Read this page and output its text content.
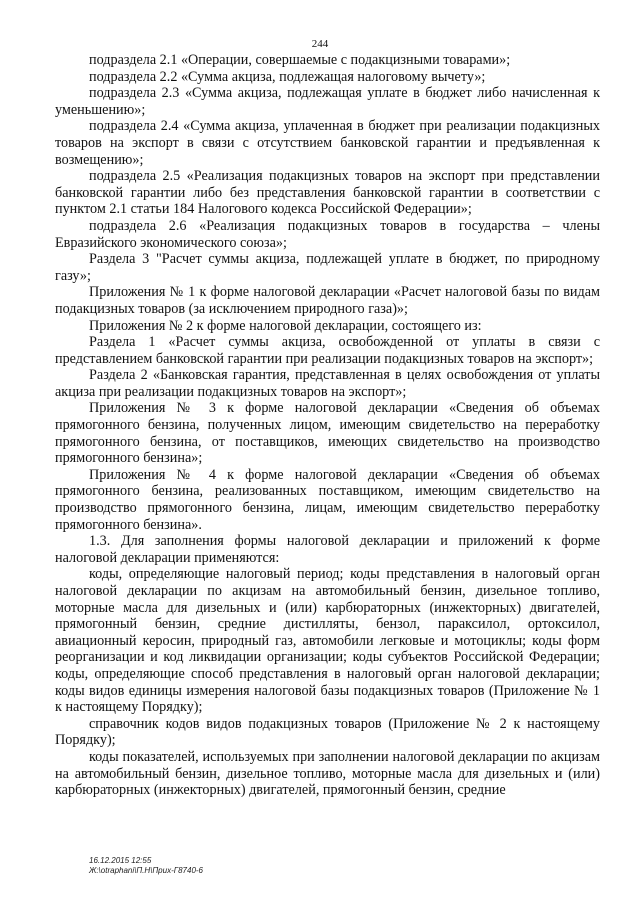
244

подраздела 2.1 «Операции, совершаемые с подакцизными товарами»;

подраздела 2.2 «Сумма акциза, подлежащая налоговому вычету»;

подраздела 2.3 «Сумма акциза, подлежащая уплате в бюджет либо начисленная к уменьшению»;

подраздела 2.4 «Сумма акциза, уплаченная в бюджет при реализации подакцизных товаров на экспорт в связи с отсутствием банковской гарантии и предъявленная к возмещению»;

подраздела 2.5 «Реализация подакцизных товаров на экспорт при представлении банковской гарантии либо без представления банковской гарантии в соответствии с пунктом 2.1 статьи 184 Налогового кодекса Российской Федерации»;

подраздела 2.6 «Реализация подакцизных товаров в государства – члены Евразийского экономического союза»;

Раздела 3 "Расчет суммы акциза, подлежащей уплате в бюджет, по природному газу»;

Приложения № 1 к форме налоговой декларации «Расчет налоговой базы по видам подакцизных товаров (за исключением природного газа)»;

Приложения № 2 к форме налоговой декларации, состоящего из:

Раздела 1 «Расчет суммы акциза, освобожденной от уплаты в связи с представлением банковской гарантии при реализации подакцизных товаров на экспорт»;

Раздела 2 «Банковская гарантия, представленная в целях освобождения от уплаты акциза при реализации подакцизных товаров на экспорт»;

Приложения № 3 к форме налоговой декларации «Сведения об объемах прямогонного бензина, полученных лицом, имеющим свидетельство на переработку прямогонного бензина, от поставщиков, имеющих свидетельство на производство прямогонного бензина»;

Приложения № 4 к форме налоговой декларации «Сведения об объемах прямогонного бензина, реализованных поставщиком, имеющим свидетельство на производство прямогонного бензина, лицам, имеющим свидетельство переработку прямогонного бензина».

1.3. Для заполнения формы налоговой декларации и приложений к форме налоговой декларации применяются:

коды, определяющие налоговый период; коды представления в налоговый орган налоговой декларации по акцизам на автомобильный бензин, дизельное топливо, моторные масла для дизельных и (или) карбюраторных (инжекторных) двигателей, прямогонный бензин, средние дистилляты, бензол, параксилол, ортоксилол, авиационный керосин, природный газ, автомобили легковые и мотоциклы; коды форм реорганизации и код ликвидации организации; коды субъектов Российской Федерации; коды, определяющие способ представления в налоговый орган налоговой декларации; коды видов единицы измерения налоговой базы подакцизных товаров (Приложение № 1 к настоящему Порядку);

справочник кодов видов подакцизных товаров (Приложение № 2 к настоящему Порядку);

коды показателей, используемых при заполнении налоговой декларации по акцизам на автомобильный бензин, дизельное топливо, моторные масла для дизельных и (или) карбюраторных (инжекторных) двигателей, прямогонный бензин, средние

16.12.2015 12:55
Ж:\otraphani\П.Н\Приx-Г8740-6
